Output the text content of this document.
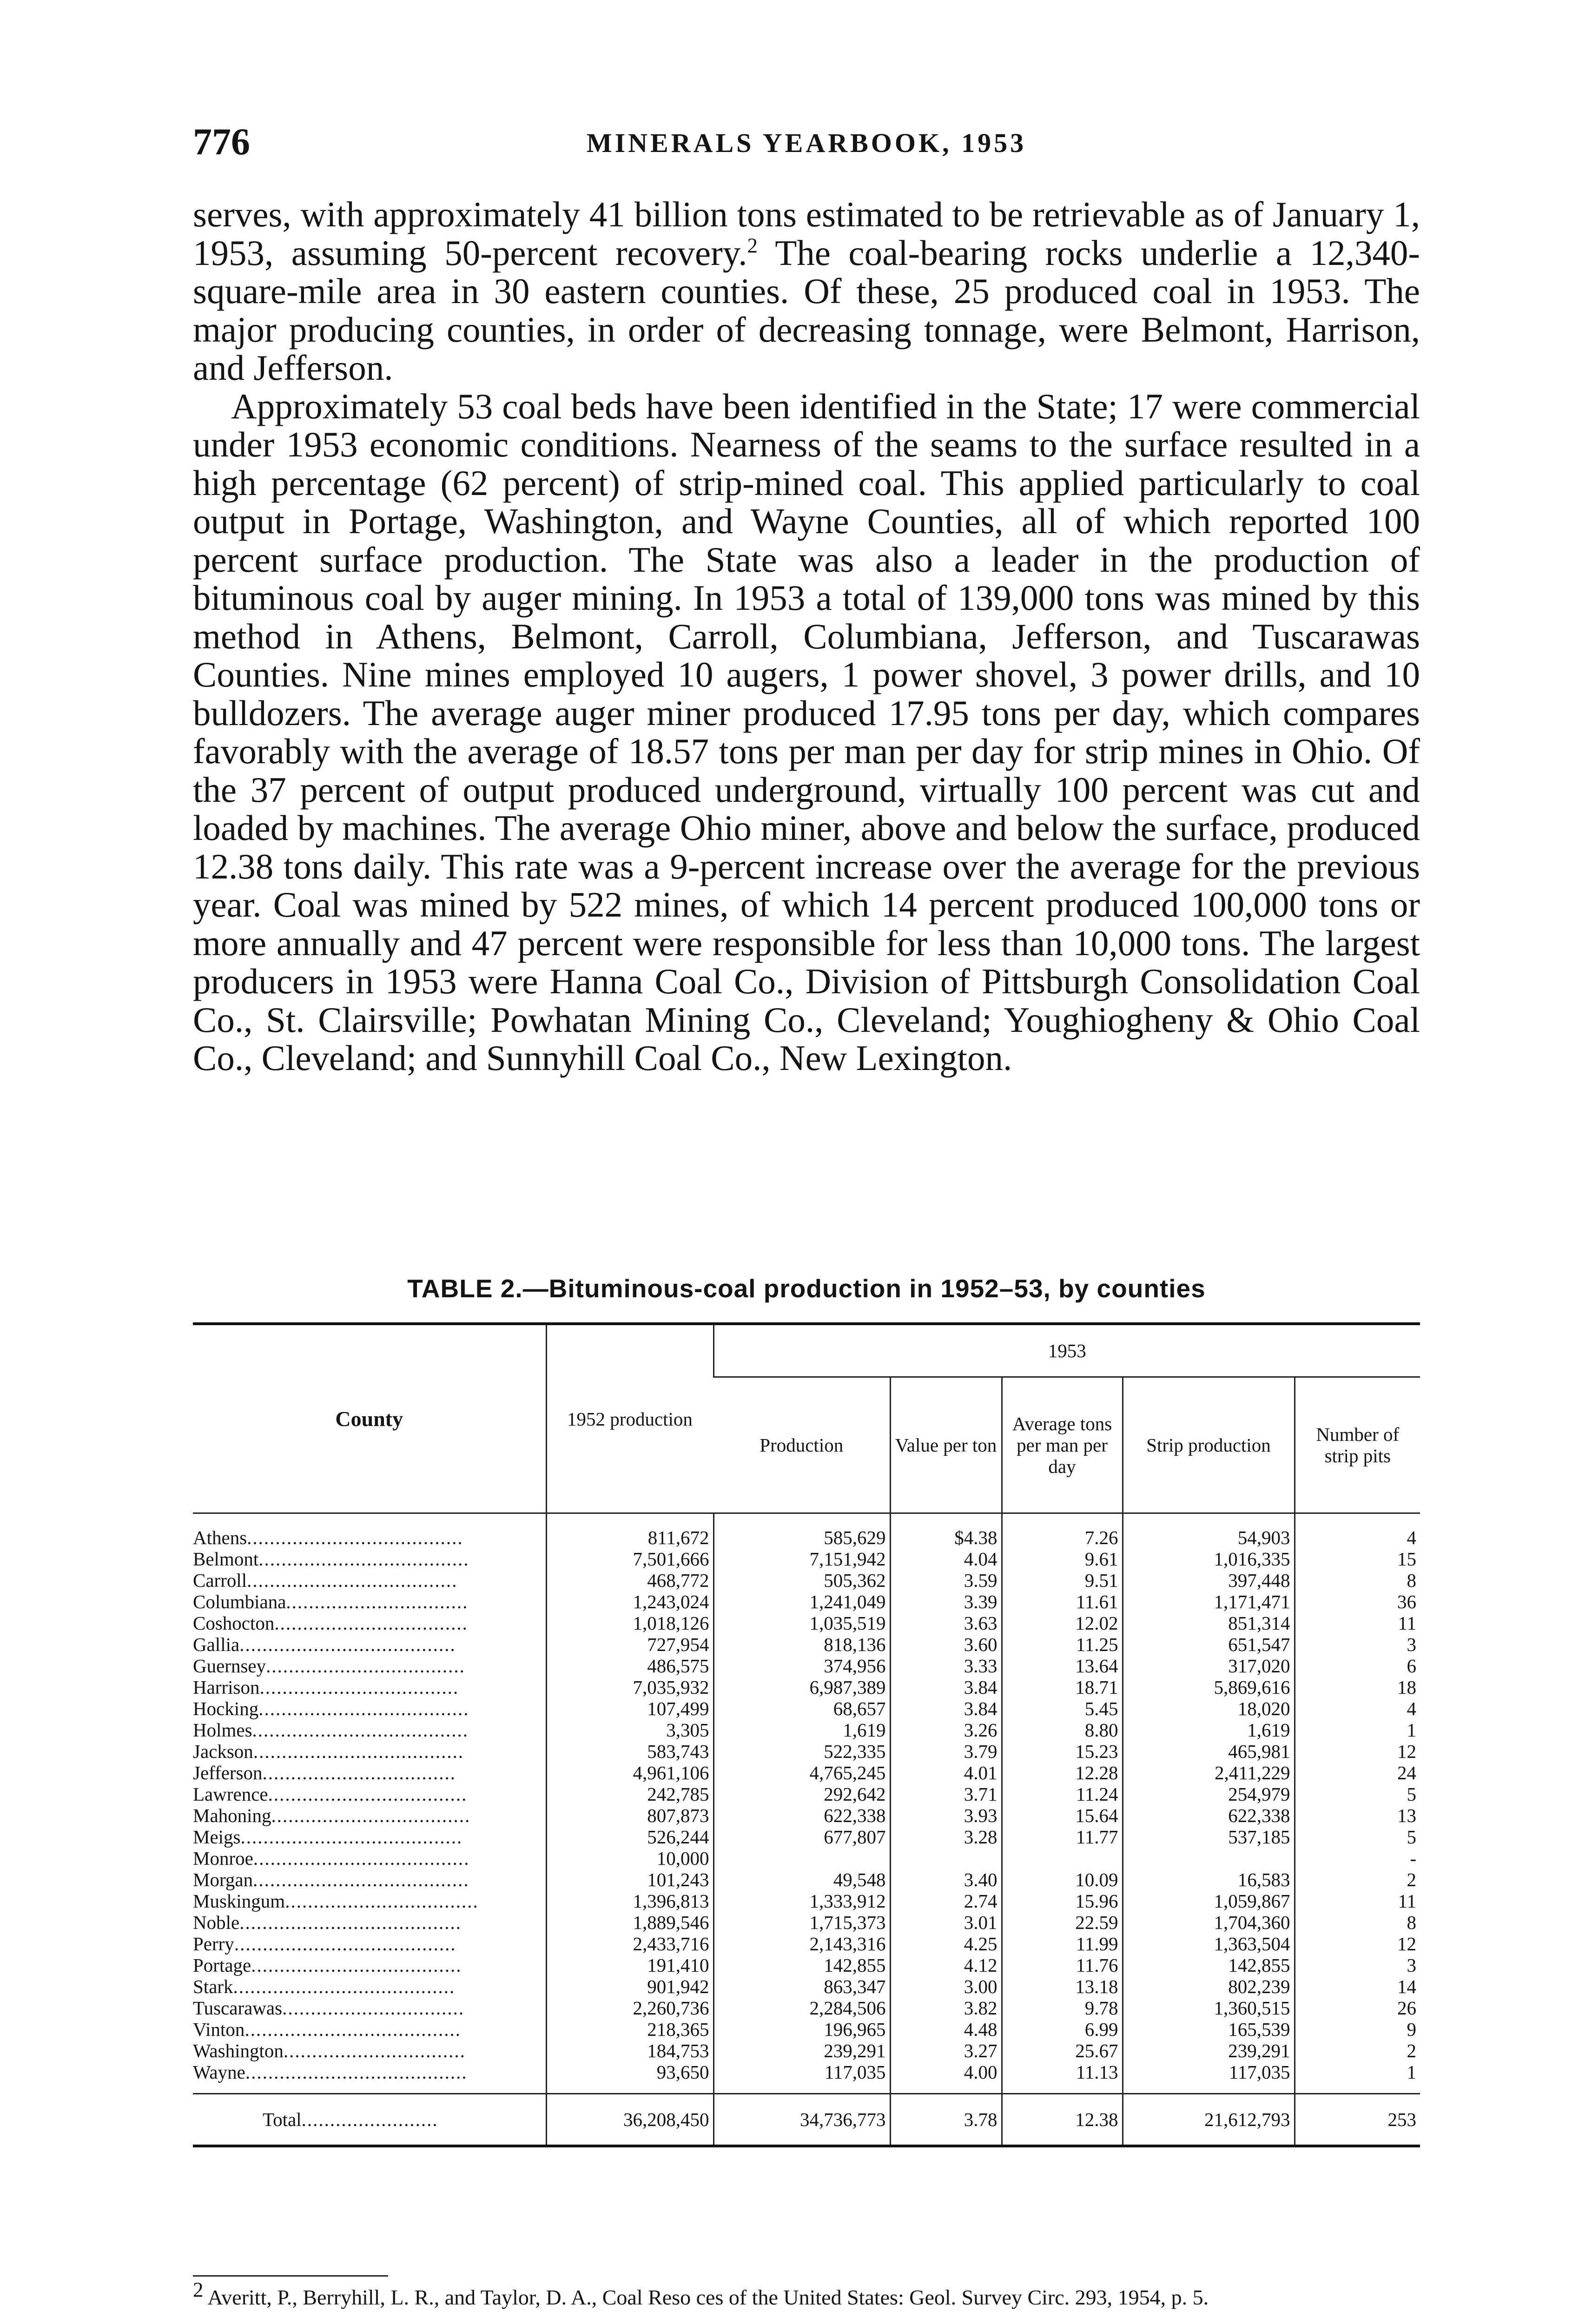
776	MINERALS YEARBOOK, 1953

serves, with approximately 41 billion tons estimated to be retrievable as of January 1, 1953, assuming 50-percent recovery.$^2$ The coal-bearing rocks underlie a 12,340-square-mile area in 30 eastern counties. Of these, 25 produced coal in 1953. The major producing counties, in order of decreasing tonnage, were Belmont, Harrison, and Jefferson.

Approximately 53 coal beds have been identified in the State; 17 were commercial under 1953 economic conditions. Nearness of the seams to the surface resulted in a high percentage (62 percent) of strip-mined coal. This applied particularly to coal output in Portage, Washington, and Wayne Counties, all of which reported 100 percent surface production. The State was also a leader in the production of bituminous coal by auger mining. In 1953 a total of 139,000 tons was mined by this method in Athens, Belmont, Carroll, Columbiana, Jefferson, and Tuscarawas Counties. Nine mines employed 10 augers, 1 power shovel, 3 power drills, and 10 bulldozers. The average auger miner produced 17.95 tons per day, which compares favorably with the average of 18.57 tons per man per day for strip mines in Ohio. Of the 37 percent of output produced underground, virtually 100 percent was cut and loaded by machines. The average Ohio miner, above and below the surface, produced 12.38 tons daily. This rate was a 9-percent increase over the average for the previous year. Coal was mined by 522 mines, of which 14 percent produced 100,000 tons or more annually and 47 percent were responsible for less than 10,000 tons. The largest producers in 1953 were Hanna Coal Co., Division of Pittsburgh Consolidation Coal Co., St. Clairsville; Powhatan Mining Co., Cleveland; Youghiogheny & Ohio Coal Co., Cleveland; and Sunnyhill Coal Co., New Lexington.

TABLE 2.—Bituminous-coal production in 1952–53, by counties
County	1952 production	1953				
		Production	Value per ton	Average tons per man per day	Strip production	Number of strip pits
Athens......................................	811,672	585,629	$4.38	7.26	54,903	4
Belmont.....................................	7,501,666	7,151,942	4.04	9.61	1,016,335	15
Carroll.....................................	468,772	505,362	3.59	9.51	397,448	8
Columbiana................................	1,243,024	1,241,049	3.39	11.61	1,171,471	36
Coshocton..................................	1,018,126	1,035,519	3.63	12.02	851,314	11
Gallia......................................	727,954	818,136	3.60	11.25	651,547	3
Guernsey...................................	486,575	374,956	3.33	13.64	317,020	6
Harrison...................................	7,035,932	6,987,389	3.84	18.71	5,869,616	18
Hocking.....................................	107,499	68,657	3.84	5.45	18,020	4
Holmes......................................	3,305	1,619	3.26	8.80	1,619	1
Jackson.....................................	583,743	522,335	3.79	15.23	465,981	12
Jefferson..................................	4,961,106	4,765,245	4.01	12.28	2,411,229	24
Lawrence...................................	242,785	292,642	3.71	11.24	254,979	5
Mahoning...................................	807,873	622,338	3.93	15.64	622,338	13
Meigs.......................................	526,244	677,807	3.28	11.77	537,185	5
Monroe......................................	10,000					-
Morgan......................................	101,243	49,548	3.40	10.09	16,583	2
Muskingum..................................	1,396,813	1,333,912	2.74	15.96	1,059,867	11
Noble.......................................	1,889,546	1,715,373	3.01	22.59	1,704,360	8
Perry.......................................	2,433,716	2,143,316	4.25	11.99	1,363,504	12
Portage.....................................	191,410	142,855	4.12	11.76	142,855	3
Stark.......................................	901,942	863,347	3.00	13.18	802,239	14
Tuscarawas................................	2,260,736	2,284,506	3.82	9.78	1,360,515	26
Vinton......................................	218,365	196,965	4.48	6.99	165,539	9
Washington................................	184,753	239,291	3.27	25.67	239,291	2
Wayne.......................................	93,650	117,035	4.00	11.13	117,035	1
Total........................	36,208,450	34,736,773	3.78	12.38	21,612,793	253
$^2$ Averitt, P., Berryhill, L. R., and Taylor, D. A., Coal Reso ces of the United States: Geol. Survey Circ. 293, 1954, p. 5.
